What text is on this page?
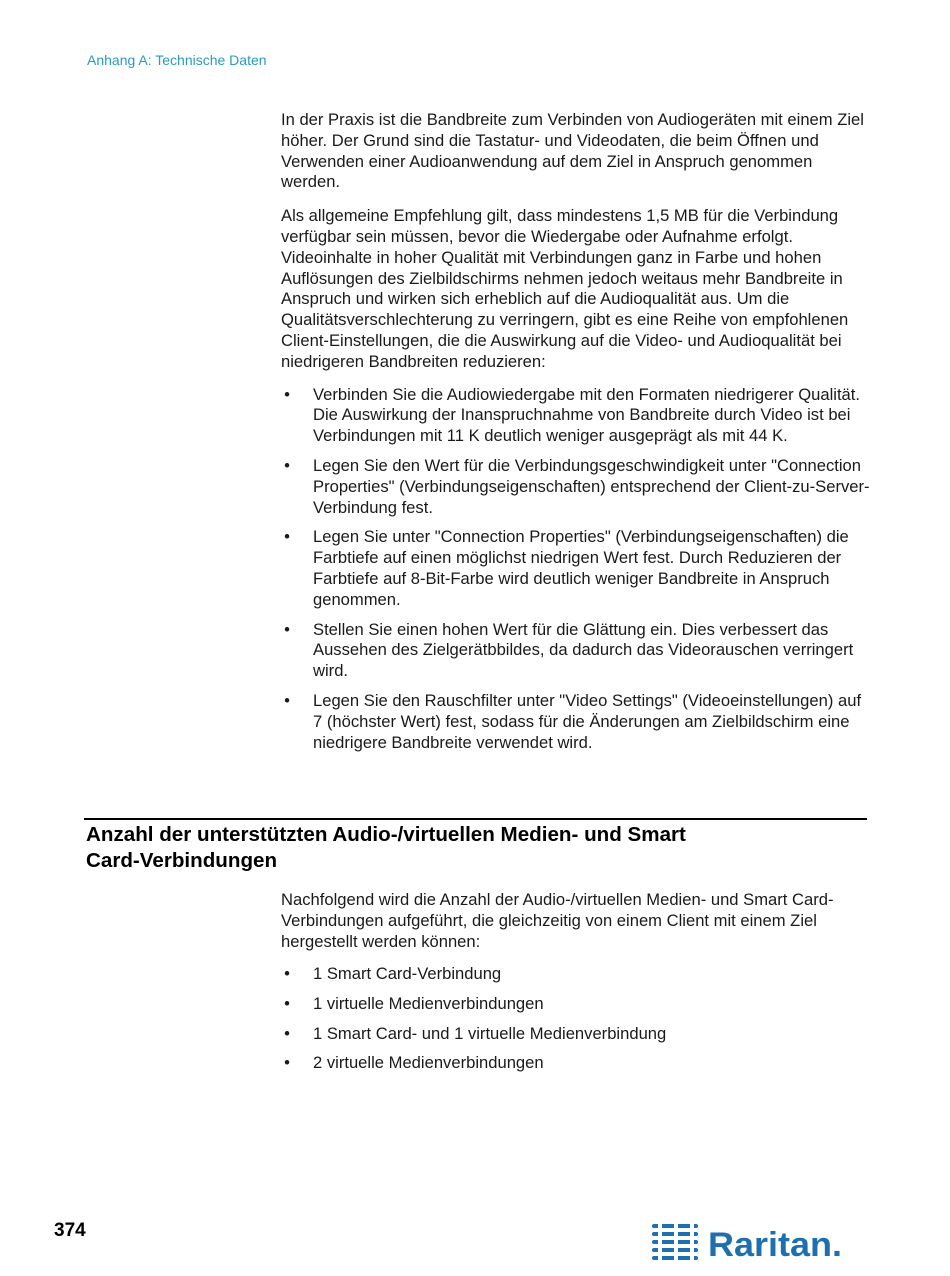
Anhang A: Technische Daten

In der Praxis ist die Bandbreite zum Verbinden von Audiogeräten mit einem Ziel höher. Der Grund sind die Tastatur- und Videodaten, die beim Öffnen und Verwenden einer Audioanwendung auf dem Ziel in Anspruch genommen werden.

Als allgemeine Empfehlung gilt, dass mindestens 1,5 MB für die Verbindung verfügbar sein müssen, bevor die Wiedergabe oder Aufnahme erfolgt. Videoinhalte in hoher Qualität mit Verbindungen ganz in Farbe und hohen Auflösungen des Zielbildschirms nehmen jedoch weitaus mehr Bandbreite in Anspruch und wirken sich erheblich auf die Audioqualität aus. Um die Qualitätsverschlechterung zu verringern, gibt es eine Reihe von empfohlenen Client-Einstellungen, die die Auswirkung auf die Video- und Audioqualität bei niedrigeren Bandbreiten reduzieren:

• Verbinden Sie die Audiowiedergabe mit den Formaten niedrigerer Qualität. Die Auswirkung der Inanspruchnahme von Bandbreite durch Video ist bei Verbindungen mit 11 K deutlich weniger ausgeprägt als mit 44 K.
• Legen Sie den Wert für die Verbindungsgeschwindigkeit unter "Connection Properties" (Verbindungseigenschaften) entsprechend der Client-zu-Server-Verbindung fest.
• Legen Sie unter "Connection Properties" (Verbindungseigenschaften) die Farbtiefe auf einen möglichst niedrigen Wert fest. Durch Reduzieren der Farbtiefe auf 8-Bit-Farbe wird deutlich weniger Bandbreite in Anspruch genommen.
• Stellen Sie einen hohen Wert für die Glättung ein. Dies verbessert das Aussehen des Zielgerätbbildes, da dadurch das Videorauschen verringert wird.
• Legen Sie den Rauschfilter unter "Video Settings" (Videoeinstellungen) auf 7 (höchster Wert) fest, sodass für die Änderungen am Zielbildschirm eine niedrigere Bandbreite verwendet wird.
Anzahl der unterstützten Audio-/virtuellen Medien- und Smart
Card-Verbindungen

Nachfolgend wird die Anzahl der Audio-/virtuellen Medien- und Smart Card-Verbindungen aufgeführt, die gleichzeitig von einem Client mit einem Ziel hergestellt werden können:

• 1 Smart Card-Verbindung
• 1 virtuelle Medienverbindungen
• 1 Smart Card- und 1 virtuelle Medienverbindung
• 2 virtuelle Medienverbindungen
374	Raritan.
